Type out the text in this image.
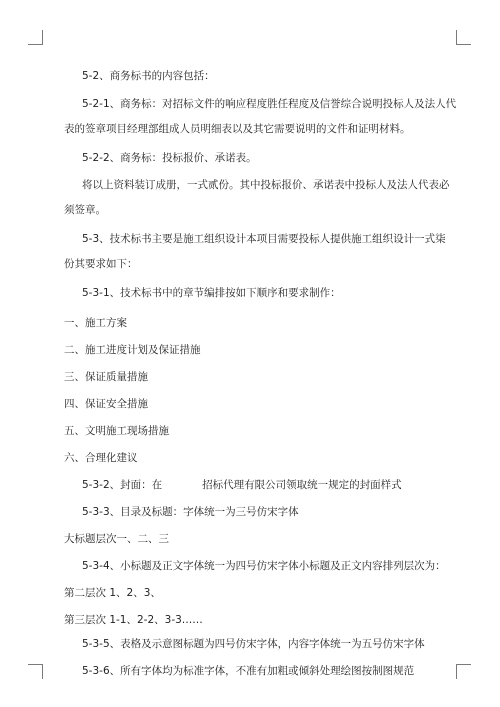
5-2、商务标书的内容包括：
5-2-1、商务标：对招标文件的响应程度胜任程度及信誉综合说明投标人及法人代
表的签章项目经理部组成人员明细表以及其它需要说明的文件和证明材料。
5-2-2、商务标：投标报价、承诺表。
将以上资料装订成册，一式贰份。其中投标报价、承诺表中投标人及法人代表必
须签章。
5-3、技术标书主要是施工组织设计本项目需要投标人提供施工组织设计一式柒
份其要求如下：
5-3-1、技术标书中的章节编排按如下顺序和要求制作：
一、施工方案
二、施工进度计划及保证措施
三、保证质量措施
四、保证安全措施
五、文明施工现场措施
六、合理化建议
5-3-2、封面：在	招标代理有限公司领取统一规定的封面样式
5-3-3、目录及标题：字体统一为三号仿宋字体
大标题层次一、二、三
5-3-4、小标题及正文字体统一为四号仿宋字体小标题及正文内容排列层次为：
第二层次 1、2、3、
第三层次 1-1、2-2、3-3……
5-3-5、表格及示意图标题为四号仿宋字体，内容字体统一为五号仿宋字体
5-3-6、所有字体均为标准字体，不准有加粗或倾斜处理绘图按制图规范
